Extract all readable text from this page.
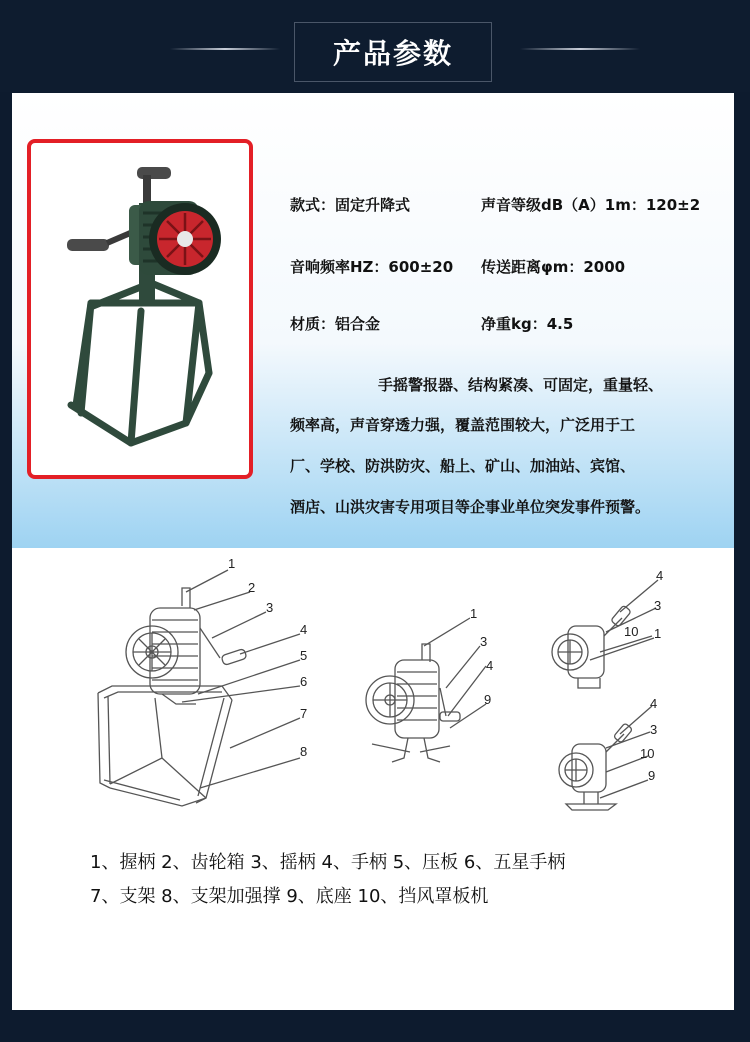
产品参数
款式：固定升降式	声音等级dB（A）1m：120±2
音响频率HZ：600±20 传送距离φm：2000
材质：铝合金	净重kg：4.5
手摇警报器、结构紧凑、可固定，重量轻、
频率高，声音穿透力强，覆盖范围较大，广泛用于工
厂、学校、防洪防灾、船上、矿山、加油站、宾馆、
酒店、山洪灾害专用项目等企事业单位突发事件预警。
1
2
3
4
5
6
7
8
1
3
4
9
4
3
10 1
4
3
10
9
1、握柄 2、齿轮箱 3、摇柄 4、手柄 5、压板 6、五星手柄
7、支架 8、支架加强撑 9、底座 10、挡风罩板机
